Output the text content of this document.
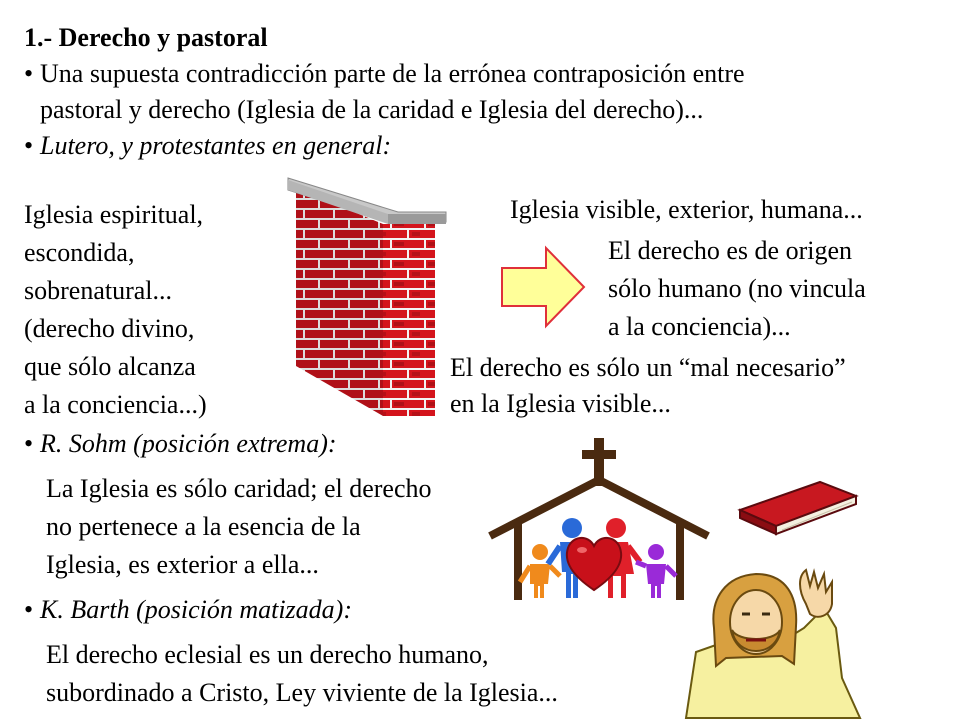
1.- Derecho y pastoral
• Una supuesta contradicción parte de la errónea contraposición entre
pastoral y derecho (Iglesia de la caridad e Iglesia del derecho)...
• Lutero, y protestantes en general:
Iglesia espiritual,
escondida,
sobrenatural...
(derecho divino,
que sólo alcanza
a la conciencia...)
Iglesia visible, exterior, humana...
El derecho es de origen
sólo humano (no vincula
a la conciencia)...
El derecho es sólo un “mal necesario”
en la Iglesia visible...
• R. Sohm (posición extrema):
La Iglesia es sólo caridad; el derecho
no pertenece a la esencia de la
Iglesia, es exterior a ella...
• K. Barth (posición matizada):
El derecho eclesial es un derecho humano,
subordinado a Cristo, Ley viviente de la Iglesia...
